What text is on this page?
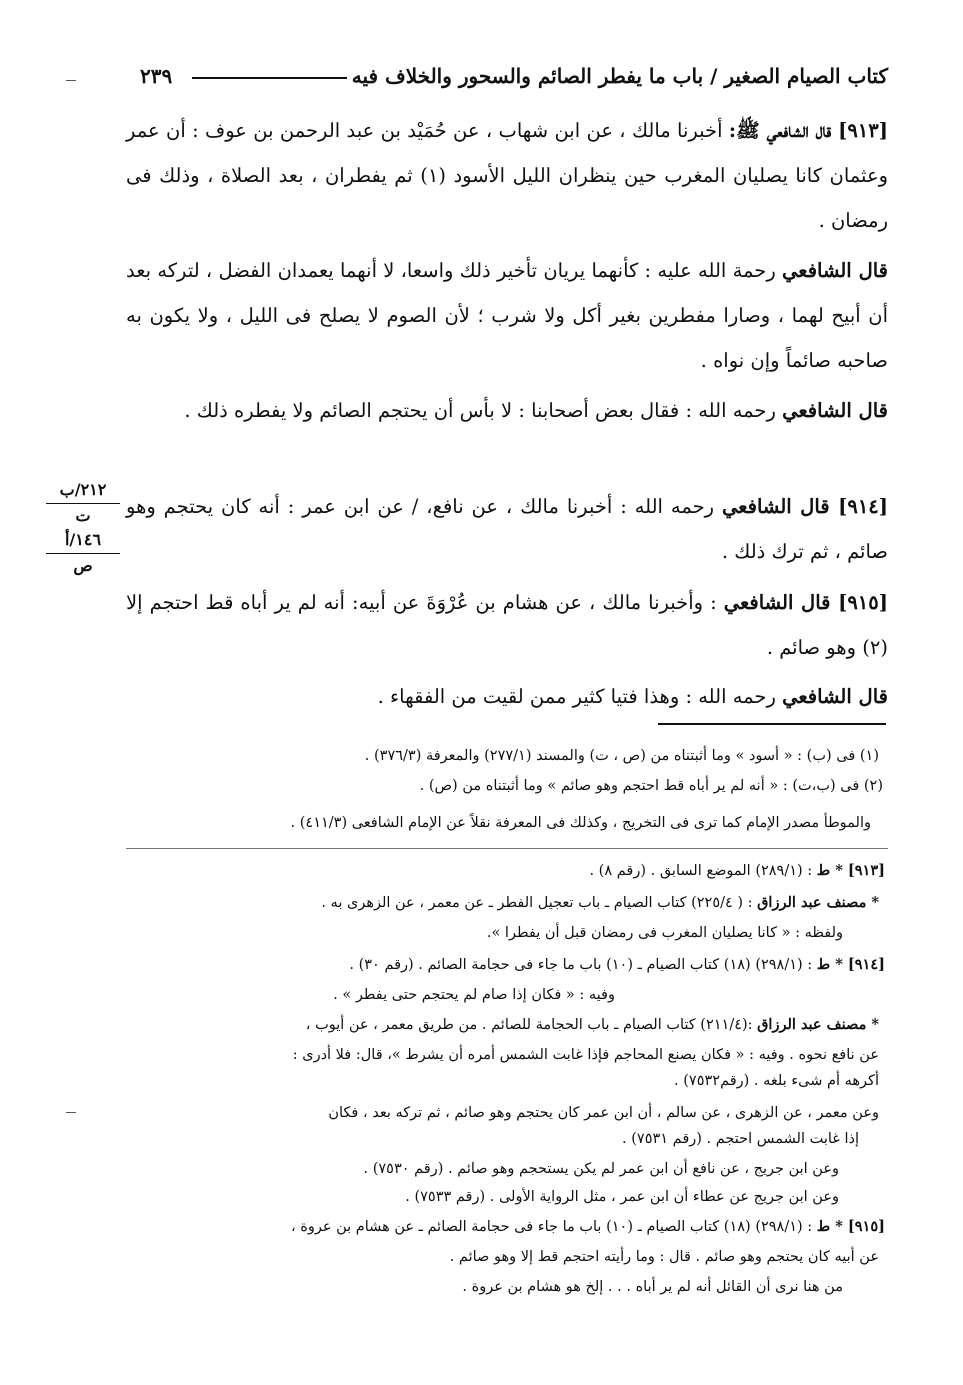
٢٣٩	كتاب الصيام الصغير / باب ما يفطر الصائم والسحور والخلاف فيه
[٩١٣] قال الشافعي ﷺ: أخبرنا مالك ، عن ابن شهاب ، عن حُمَيْد بن عبد الرحمن بن عوف : أن عمر وعثمان كانا يصليان المغرب حين ينظران الليل الأسود (١) ثم يفطران ، بعد الصلاة ، وذلك فى رمضان .
قال الشافعي رحمة الله عليه : كأنهما يريان تأخير ذلك واسعا، لا أنهما يعمدان الفضل ، لتركه بعد أن أبيح لهما ، وصارا مفطرين بغير أكل ولا شرب ؛ لأن الصوم لا يصلح فى الليل ، ولا يكون به صاحبه صائماً وإن نواه .
قال الشافعي رحمه الله : فقال بعض أصحابنا : لا بأس أن يحتجم الصائم ولا يفطره ذلك .
[٩١٤] قال الشافعي رحمه الله : أخبرنا مالك ، عن نافع، / عن ابن عمر : أنه كان يحتجم وهو صائم ، ثم ترك ذلك .
[٩١٥] قال الشافعي : وأخبرنا مالك ، عن هشام بن عُرْوَةَ عن أبيه: أنه لم ير أباه قط احتجم إلا (٢) وهو صائم .
قال الشافعي رحمه الله : وهذا فتيا كثير ممن لقيت من الفقهاء .
٢١٢/ب
ت
١٤٦/أ
ص
(١) فى (ب) : « أسود » وما أثبتناه من (ص ، ت) والمسند (٢٧٧/١) والمعرفة (٣٧٦/٣) .
(٢) فى (ب،ت) : « أنه لم ير أباه قط احتجم وهو صائم » وما أثبتناه من (ص) .
والموطأ مصدر الإمام كما ترى فى التخريج ، وكذلك فى المعرفة نقلاً عن الإمام الشافعى (٤١١/٣) .
[٩١٣] * ط : (٢٨٩/١) الموضع السابق . (رقم ٨) .
* مصنف عبد الرزاق : ( ٢٢٥/٤) كتاب الصيام ـ باب تعجيل الفطر ـ عن معمر ، عن الزهرى به .
ولفظه : « كانا يصليان المغرب فى رمضان قبل أن يفطرا ».
[٩١٤] * ط : (٢٩٨/١) (١٨) كتاب الصيام ـ (١٠) باب ما جاء فى حجامة الصائم . (رقم ٣٠) .
وفيه : « فكان إذا صام لم يحتجم حتى يفطر » .
* مصنف عبد الرزاق :(٢١١/٤) كتاب الصيام ـ باب الحجامة للصائم . من طريق معمر ، عن أيوب ،
عن نافع نحوه . وفيه : « فكان يصنع المحاجم فإذا غابت الشمس أمره أن يشرط »، قال: فلا أدرى :
أكرهه أم شىء بلغه . (رقم٧٥٣٢) .
وعن معمر ، عن الزهرى ، عن سالم ، أن ابن عمر كان يحتجم وهو صائم ، ثم تركه بعد ، فكان
إذا غابت الشمس احتجم . (رقم ٧٥٣١) .
وعن ابن جريج ، عن نافع أن ابن عمر لم يكن يستحجم وهو صائم . (رقم ٧٥٣٠) .
وعن ابن جريج عن عطاء أن ابن عمر ، مثل الرواية الأولى . (رقم ٧٥٣٣) .
[٩١٥] * ط : (٢٩٨/١) (١٨) كتاب الصيام ـ (١٠) باب ما جاء فى حجامة الصائم ـ عن هشام بن عروة ،
عن أبيه كان يحتجم وهو صائم . قال : وما رأيته احتجم قط إلا وهو صائم .
من هنا نرى أن القائل أنه لم ير أباه . . . إلخ هو هشام بن عروة .
